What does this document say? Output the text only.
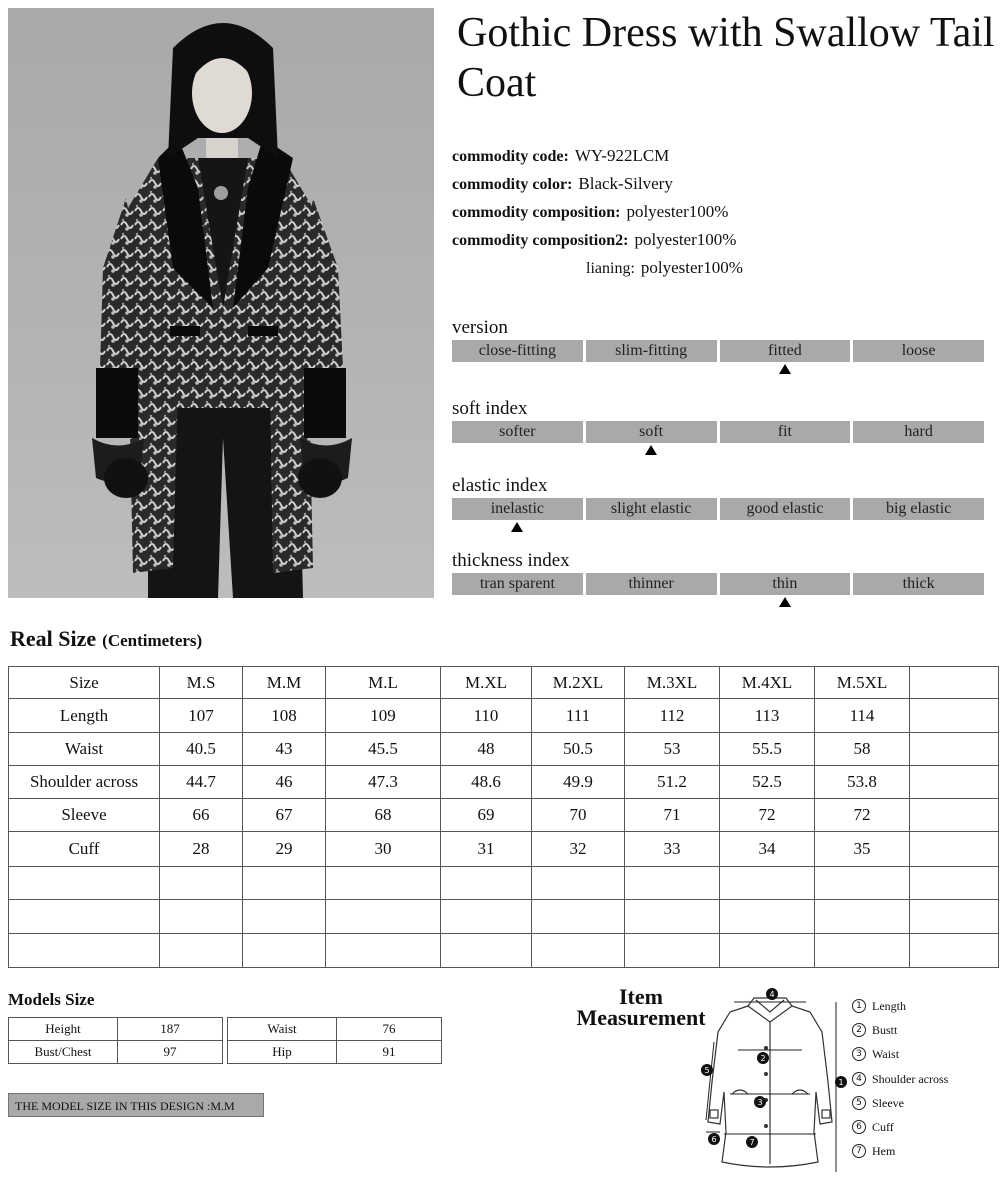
Gothic Dress with Swallow Tail Coat
commodity code: WY-922LCM
commodity color: Black-Silvery
commodity composition: polyester100%
commodity composition2: polyester100%
lianing: polyester100%
version
close-fitting	slim-fitting	fitted	loose
soft index
softer	soft	fit	hard
elastic index
inelastic	slight elastic	good elastic	big elastic
thickness index
tran sparent	thinner	thin	thick
Real Size (Centimeters)
Size	M.S	M.M	M.L	M.XL	M.2XL	M.3XL	M.4XL	M.5XL	
Length	107	108	109	110	111	112	113	114	
Waist	40.5	43	45.5	48	50.5	53	55.5	58	
Shoulder across	44.7	46	47.3	48.6	49.9	51.2	52.5	53.8	
Sleeve	66	67	68	69	70	71	72	72	
Cuff	28	29	30	31	32	33	34	35	

Models Size
Height	187
Bust/Chest	97
Waist	76
Hip	91
THE MODEL SIZE IN THIS DESIGN :M.M
Item
Measurement
4
2
3
7
1
5
6
1 Length
2 Bustt
3 Waist
4 Shoulder across
5 Sleeve
6 Cuff
7 Hem
